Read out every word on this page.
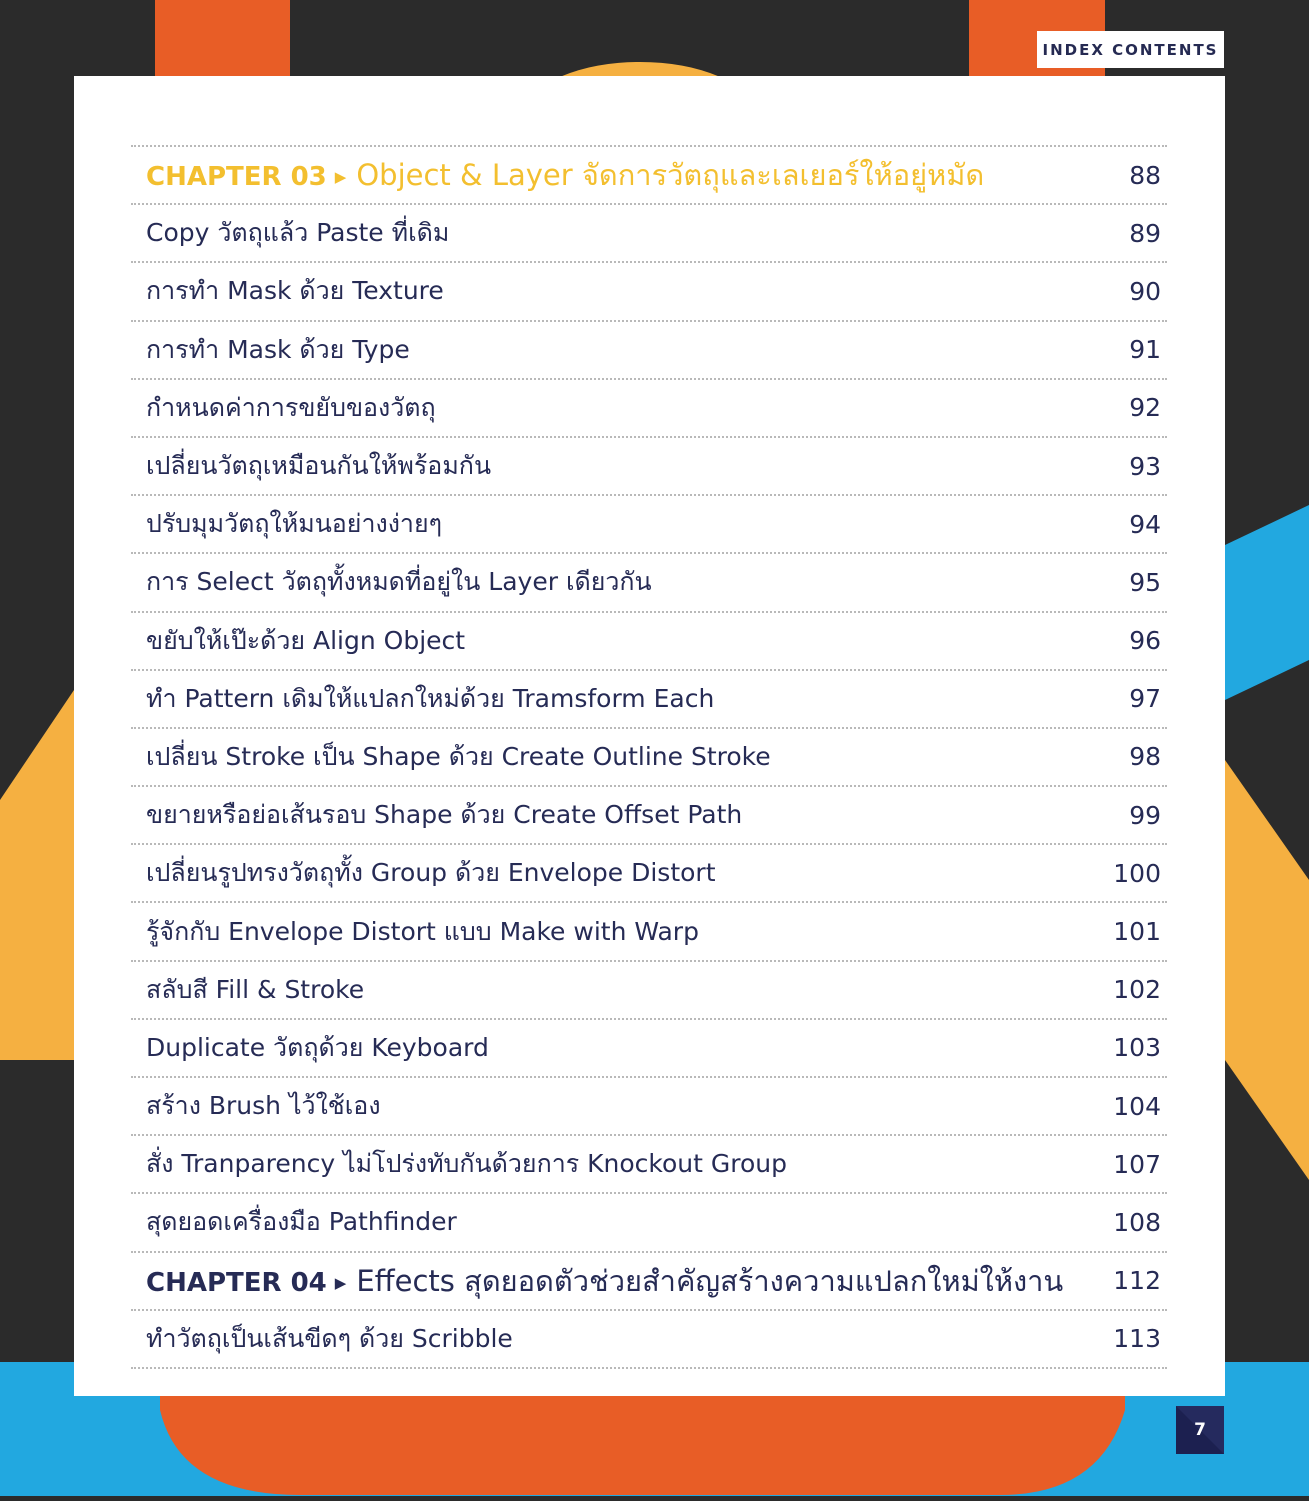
INDEX CONTENTS
CHAPTER 03 ▶ Object & Layer จัดการวัตถุและเลเยอร์ให้อยู่หมัด	88
Copy วัตถุแล้ว Paste ที่เดิม	89
การทำ Mask ด้วย Texture	90
การทำ Mask ด้วย Type	91
กำหนดค่าการขยับของวัตถุ	92
เปลี่ยนวัตถุเหมือนกันให้พร้อมกัน	93
ปรับมุมวัตถุให้มนอย่างง่ายๆ	94
การ Select วัตถุทั้งหมดที่อยู่ใน Layer เดียวกัน	95
ขยับให้เป๊ะด้วย Align Object	96
ทำ Pattern เดิมให้แปลกใหม่ด้วย Tramsform Each	97
เปลี่ยน Stroke เป็น Shape ด้วย Create Outline Stroke	98
ขยายหรือย่อเส้นรอบ Shape ด้วย Create Offset Path	99
เปลี่ยนรูปทรงวัตถุทั้ง Group ด้วย Envelope Distort	100
รู้จักกับ Envelope Distort แบบ Make with Warp	101
สลับสี Fill & Stroke	102
Duplicate วัตถุด้วย Keyboard	103
สร้าง Brush ไว้ใช้เอง	104
สั่ง Tranparency ไม่โปร่งทับกันด้วยการ Knockout Group	107
สุดยอดเครื่องมือ Pathfinder	108
CHAPTER 04 ▶ Effects สุดยอดตัวช่วยสำคัญสร้างความแปลกใหม่ให้งาน 112
ทำวัตถุเป็นเส้นขีดๆ ด้วย Scribble	113
7
